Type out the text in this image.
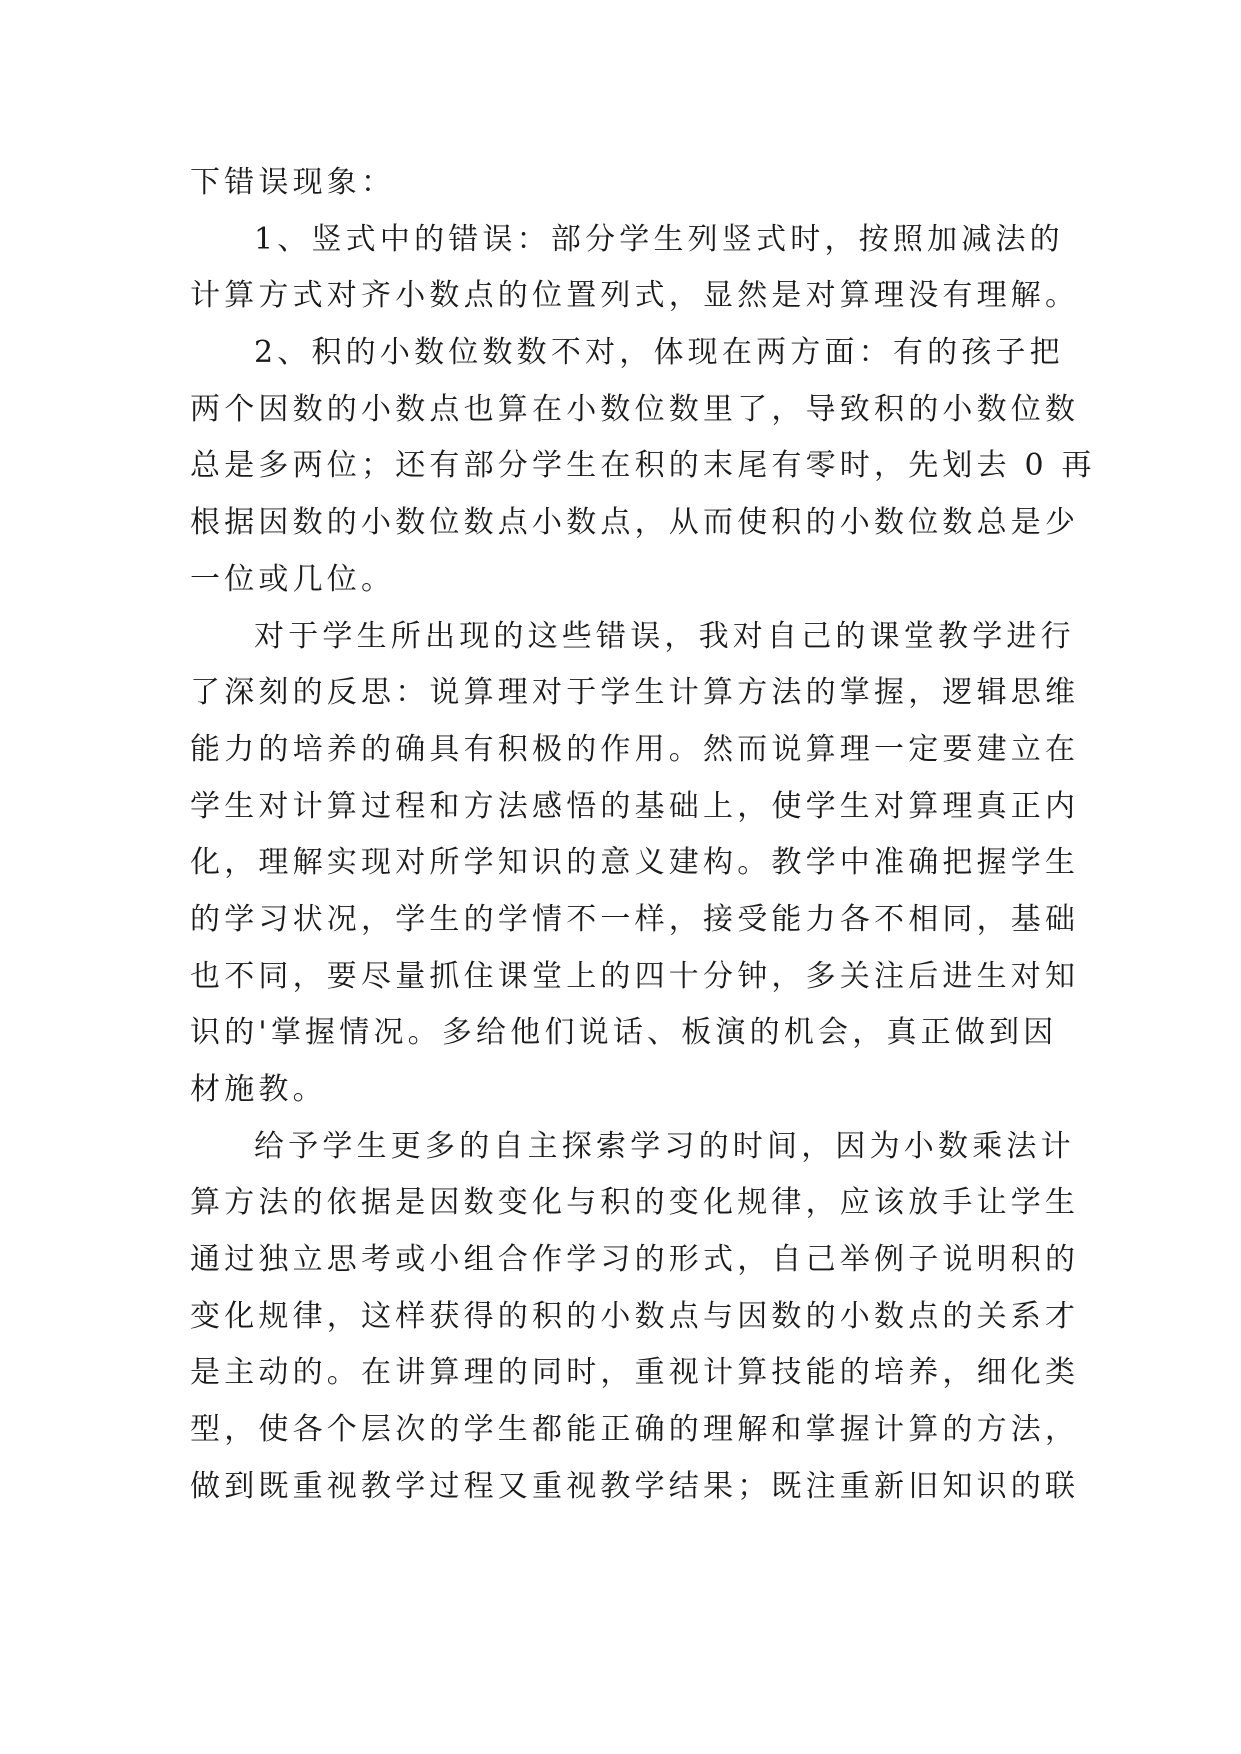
下错误现象：
1、竖式中的错误：部分学生列竖式时，按照加减法的
计算方式对齐小数点的位置列式，显然是对算理没有理解。
2、积的小数位数数不对，体现在两方面：有的孩子把
两个因数的小数点也算在小数位数里了，导致积的小数位数
总是多两位；还有部分学生在积的末尾有零时，先划去 0 再
根据因数的小数位数点小数点，从而使积的小数位数总是少
一位或几位。
对于学生所出现的这些错误，我对自己的课堂教学进行
了深刻的反思：说算理对于学生计算方法的掌握，逻辑思维
能力的培养的确具有积极的作用。然而说算理一定要建立在
学生对计算过程和方法感悟的基础上，使学生对算理真正内
化，理解实现对所学知识的意义建构。教学中准确把握学生
的学习状况，学生的学情不一样，接受能力各不相同，基础
也不同，要尽量抓住课堂上的四十分钟，多关注后进生对知
识的'掌握情况。多给他们说话、板演的机会，真正做到因
材施教。
给予学生更多的自主探索学习的时间，因为小数乘法计
算方法的依据是因数变化与积的变化规律，应该放手让学生
通过独立思考或小组合作学习的形式，自己举例子说明积的
变化规律，这样获得的积的小数点与因数的小数点的关系才
是主动的。在讲算理的同时，重视计算技能的培养，细化类
型，使各个层次的学生都能正确的理解和掌握计算的方法，
做到既重视教学过程又重视教学结果；既注重新旧知识的联
